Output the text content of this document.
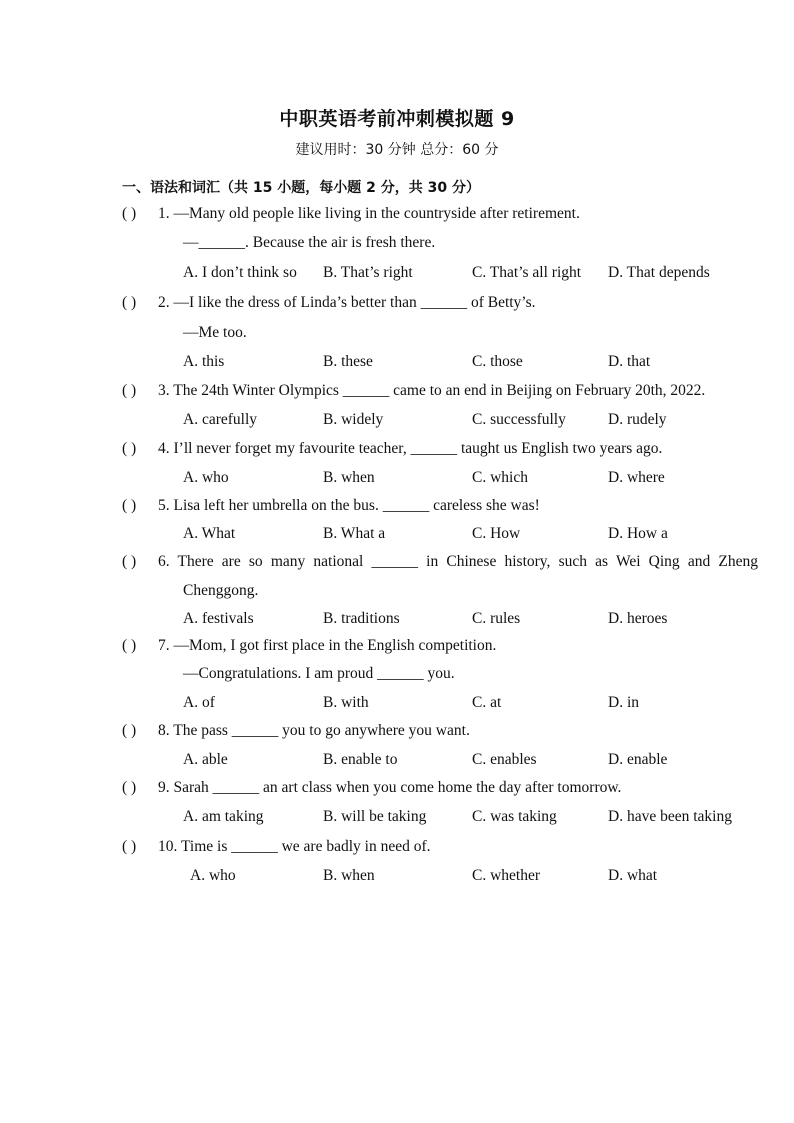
中职英语考前冲刺模拟题 9
建议用时：30 分钟 总分：60 分
一、语法和词汇（共 15 小题，每小题 2 分，共 30 分）
( ) 1. —Many old people like living in the countryside after retirement.
—______. Because the air is fresh there.
A. I don’t think so B. That’s right	C. That’s all right D. That depends
( ) 2. —I like the dress of Linda’s better than ______ of Betty’s.
—Me too.
A. this	B. these	C. those	D. that
( ) 3. The 24th Winter Olympics ______ came to an end in Beijing on February 20th, 2022.
A. carefully	B. widely	C. successfully	D. rudely
( ) 4. I’ll never forget my favourite teacher, ______ taught us English two years ago.
A. who	B. when	C. which	D. where
( ) 5. Lisa left her umbrella on the bus. ______ careless she was!
A. What	B. What a	C. How	D. How a
( ) 6. There are so many national ______ in Chinese history, such as Wei Qing and Zheng
Chenggong.
A. festivals	B. traditions	C. rules	D. heroes
( ) 7. —Mom, I got first place in the English competition.
—Congratulations. I am proud ______ you.
A. of	B. with	C. at	D. in
( ) 8. The pass ______ you to go anywhere you want.
A. able	B. enable to	C. enables	D. enable
( ) 9. Sarah ______ an art class when you come home the day after tomorrow.
A. am taking	B. will be taking	C. was taking	D. have been taking
( ) 10. Time is ______ we are badly in need of.
A. who	B. when	C. whether	D. what
